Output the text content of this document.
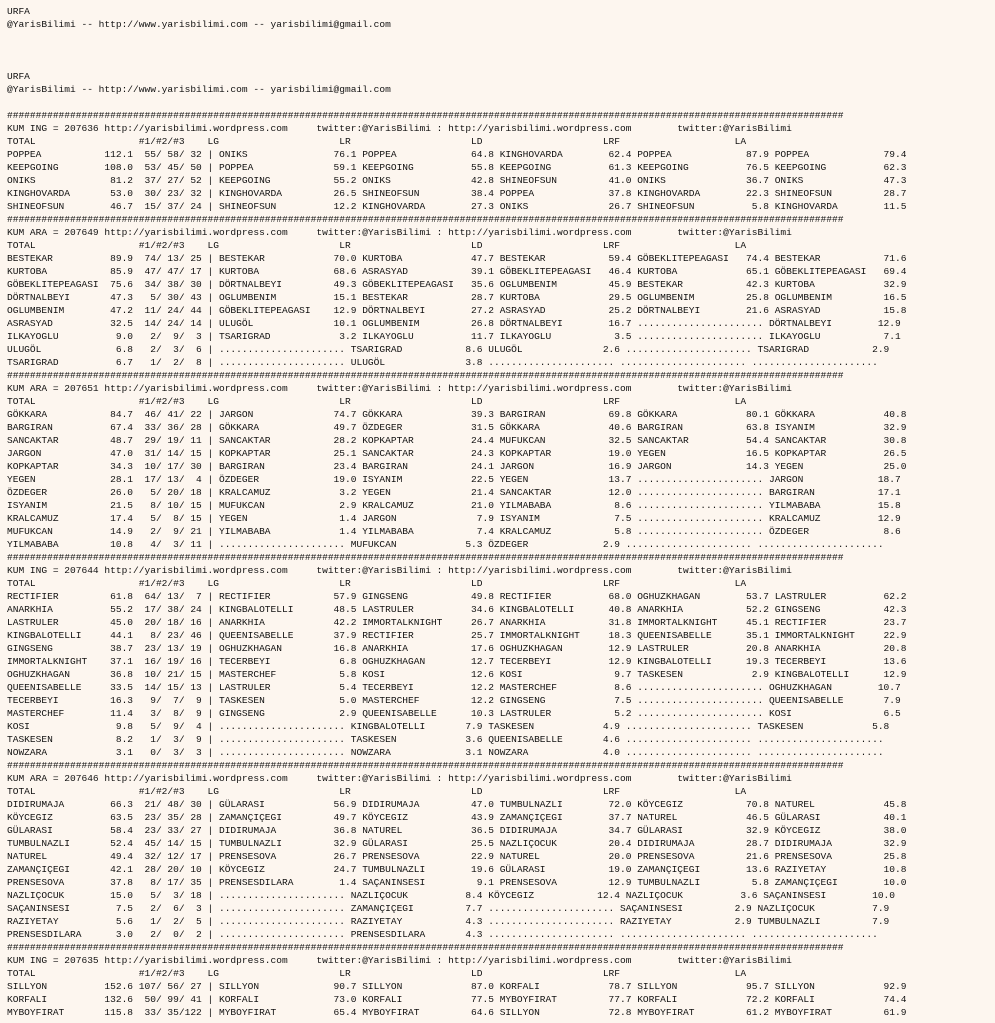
URFA
@YarisBilimi -- http://www.yarisbilimi.com -- yarisbilimi@gmail.com
URFA
@YarisBilimi -- http://www.yarisbilimi.com -- yarisbilimi@gmail.com
##################################################################################################################################################
KUM ING = 207636 http://yarisbilimi.wordpress.com     twitter:@YarisBilimi : http://yarisbilimi.wordpress.com        twitter:@YarisBilimi
TOTAL                  #1/#2/#3    LG                     LR                     LD                     LRF                    LA
POPPEA           112.1  55/ 58/ 32 | ONIKS               76.1 POPPEA             64.8 KINGHOVARDA        62.4 POPPEA             87.9 POPPEA             79.4
KEEPGOING        108.0  53/ 45/ 50 | POPPEA              59.1 KEEPGOING          55.8 KEEPGOING          61.3 KEEPGOING          76.5 KEEPGOING          62.3
ONIKS             81.2  37/ 27/ 52 | KEEPGOING           55.2 ONIKS              42.8 SHINEOFSUN         41.0 ONIKS              36.7 ONIKS              47.3
KINGHOVARDA       53.0  30/ 23/ 32 | KINGHOVARDA         26.5 SHINEOFSUN         38.4 POPPEA             37.8 KINGHOVARDA        22.3 SHINEOFSUN         28.7
SHINEOFSUN        46.7  15/ 37/ 24 | SHINEOFSUN          12.2 KINGHOVARDA        27.3 ONIKS              26.7 SHINEOFSUN          5.8 KINGHOVARDA        11.5
##################################################################################################################################################
KUM ARA = 207649 http://yarisbilimi.wordpress.com     twitter:@YarisBilimi : http://yarisbilimi.wordpress.com        twitter:@YarisBilimi
TOTAL                  #1/#2/#3    LG                     LR                     LD                     LRF                    LA
BESTEKAR          89.9  74/ 13/ 25 | BESTEKAR            70.0 KURTOBA            47.7 BESTEKAR           59.4 GÖBEKLITEPEAGASI   74.4 BESTEKAR           71.6
KURTOBA           85.9  47/ 47/ 17 | KURTOBA             68.6 ASRASYAD           39.1 GÖBEKLITEPEAGASI   46.4 KURTOBA            65.1 GÖBEKLITEPEAGASI   69.4
GÖBEKLITEPEAGASI  75.6  34/ 38/ 30 | DÖRTNALBEYI         49.3 GÖBEKLITEPEAGASI   35.6 OGLUMBENIM         45.9 BESTEKAR           42.3 KURTOBA            32.9
DÖRTNALBEYI       47.3   5/ 30/ 43 | OGLUMBENIM          15.1 BESTEKAR           28.7 KURTOBA            29.5 OGLUMBENIM         25.8 OGLUMBENIM         16.5
OGLUMBENIM        47.2  11/ 24/ 44 | GÖBEKLITEPEAGASI    12.9 DÖRTNALBEYI        27.2 ASRASYAD           25.2 DÖRTNALBEYI        21.6 ASRASYAD           15.8
ASRASYAD          32.5  14/ 24/ 14 | ULUGÖL              10.1 OGLUMBENIM         26.8 DÖRTNALBEYI        16.7 ...................... DÖRTNALBEYI        12.9
ILKAYOGLU          9.0   2/  9/  3 | TSARIGRAD            3.2 ILKAYOGLU          11.7 ILKAYOGLU           3.5 ...................... ILKAYOGLU           7.1
ULUGÖL             6.8   2/  3/  6 | ...................... TSARIGRAD           8.6 ULUGÖL              2.6 ...................... TSARIGRAD           2.9
TSARIGRAD          6.7   1/  2/  8 | ...................... ULUGÖL              3.8 ...................... ...................... ......................
##################################################################################################################################################
KUM ARA = 207651 http://yarisbilimi.wordpress.com     twitter:@YarisBilimi : http://yarisbilimi.wordpress.com        twitter:@YarisBilimi
TOTAL                  #1/#2/#3    LG                     LR                     LD                     LRF                    LA
GÖKKARA           84.7  46/ 41/ 22 | JARGON              74.7 GÖKKARA            39.3 BARGIRAN           69.8 GÖKKARA            80.1 GÖKKARA            40.8
BARGIRAN          67.4  33/ 36/ 28 | GÖKKARA             49.7 ÖZDEGER            31.5 GÖKKARA            40.6 BARGIRAN           63.8 ISYANIM            32.9
SANCAKTAR         48.7  29/ 19/ 11 | SANCAKTAR           28.2 KOPKAPTAR          24.4 MUFUKCAN           32.5 SANCAKTAR          54.4 SANCAKTAR          30.8
JARGON            47.0  31/ 14/ 15 | KOPKAPTAR           25.1 SANCAKTAR          24.3 KOPKAPTAR          19.0 YEGEN              16.5 KOPKAPTAR          26.5
KOPKAPTAR         34.3  10/ 17/ 30 | BARGIRAN            23.4 BARGIRAN           24.1 JARGON             16.9 JARGON             14.3 YEGEN              25.0
YEGEN             28.1  17/ 13/  4 | ÖZDEGER             19.0 ISYANIM            22.5 YEGEN              13.7 ...................... JARGON             18.7
ÖZDEGER           26.0   5/ 20/ 18 | KRALCAMUZ            3.2 YEGEN              21.4 SANCAKTAR          12.0 ...................... BARGIRAN           17.1
ISYANIM           21.5   8/ 10/ 15 | MUFUKCAN             2.9 KRALCAMUZ          21.0 YILMABABA           8.6 ...................... YILMABABA          15.8
KRALCAMUZ         17.4   5/  8/ 15 | YEGEN                1.4 JARGON              7.9 ISYANIM             7.5 ...................... KRALCAMUZ          12.9
MUFUKCAN          14.9   2/  9/ 21 | YILMABABA            1.4 YILMABABA           7.4 KRALCAMUZ           5.8 ...................... ÖZDEGER             8.6
YILMABABA         10.8   4/  3/ 11 | ...................... MUFUKCAN            5.3 ÖZDEGER             2.9 ...................... ......................
##################################################################################################################################################
KUM ING = 207644 http://yarisbilimi.wordpress.com     twitter:@YarisBilimi : http://yarisbilimi.wordpress.com        twitter:@YarisBilimi
TOTAL                  #1/#2/#3    LG                     LR                     LD                     LRF                    LA
RECTIFIER         61.8  64/ 13/  7 | RECTIFIER           57.9 GINGSENG           49.8 RECTIFIER          68.0 OGHUZKHAGAN        53.7 LASTRULER          62.2
ANARKHIA          55.2  17/ 38/ 24 | KINGBALOTELLI       48.5 LASTRULER          34.6 KINGBALOTELLI      40.8 ANARKHIA           52.2 GINGSENG           42.3
LASTRULER         45.0  20/ 18/ 16 | ANARKHIA            42.2 IMMORTALKNIGHT     26.7 ANARKHIA           31.8 IMMORTALKNIGHT     45.1 RECTIFIER          23.7
KINGBALOTELLI     44.1   8/ 23/ 46 | QUEENISABELLE       37.9 RECTIFIER          25.7 IMMORTALKNIGHT     18.3 QUEENISABELLE      35.1 IMMORTALKNIGHT     22.9
GINGSENG          38.7  23/ 13/ 19 | OGHUZKHAGAN         16.8 ANARKHIA           17.6 OGHUZKHAGAN        12.9 LASTRULER          20.8 ANARKHIA           20.8
IMMORTALKNIGHT    37.1  16/ 19/ 16 | TECERBEYI            6.8 OGHUZKHAGAN        12.7 TECERBEYI          12.9 KINGBALOTELLI      19.3 TECERBEYI          13.6
OGHUZKHAGAN       36.8  10/ 21/ 15 | MASTERCHEF           5.8 KOSI               12.6 KOSI                9.7 TASKESEN            2.9 KINGBALOTELLI      12.9
QUEENISABELLE     33.5  14/ 15/ 13 | LASTRULER            5.4 TECERBEYI          12.2 MASTERCHEF          8.6 ...................... OGHUZKHAGAN        10.7
TECERBEYI         16.3   9/  7/  9 | TASKESEN             5.0 MASTERCHEF         12.2 GINGSENG            7.5 ...................... QUEENISABELLE       7.9
MASTERCHEF        11.4   3/  8/  9 | GINGSENG             2.9 QUEENISABELLE      10.3 LASTRULER           5.2 ...................... KOSI                6.5
KOSI               9.8   5/  9/  4 | ...................... KINGBALOTELLI       7.9 TASKESEN            4.9 ...................... TASKESEN            5.8
TASKESEN           8.2   1/  3/  9 | ...................... TASKESEN            3.6 QUEENISABELLE       4.6 ...................... ......................
NOWZARA            3.1   0/  3/  3 | ...................... NOWZARA             3.1 NOWZARA             4.0 ...................... ......................
##################################################################################################################################################
KUM ARA = 207646 http://yarisbilimi.wordpress.com     twitter:@YarisBilimi : http://yarisbilimi.wordpress.com        twitter:@YarisBilimi
TOTAL                  #1/#2/#3    LG                     LR                     LD                     LRF                    LA
DIDIRUMAJA        66.3  21/ 48/ 30 | GÜLARASI            56.9 DIDIRUMAJA         47.0 TUMBULNAZLI        72.0 KÖYCEGIZ           70.8 NATUREL            45.8
KÖYCEGIZ          63.5  23/ 35/ 28 | ZAMANÇIÇEGI         49.7 KÖYCEGIZ           43.9 ZAMANÇIÇEGI        37.7 NATUREL            46.5 GÜLARASI           40.1
GÜLARASI          58.4  23/ 33/ 27 | DIDIRUMAJA          36.8 NATUREL            36.5 DIDIRUMAJA         34.7 GÜLARASI           32.9 KÖYCEGIZ           38.0
TUMBULNAZLI       52.4  45/ 14/ 15 | TUMBULNAZLI         32.9 GÜLARASI           25.5 NAZLIÇOCUK         20.4 DIDIRUMAJA         28.7 DIDIRUMAJA         32.9
NATUREL           49.4  32/ 12/ 17 | PRENSESOVA          26.7 PRENSESOVA         22.9 NATUREL            20.0 PRENSESOVA         21.6 PRENSESOVA         25.8
ZAMANÇIÇEGI       42.1  28/ 20/ 10 | KÖYCEGIZ            24.7 TUMBULNAZLI        19.6 GÜLARASI           19.0 ZAMANÇIÇEGI        13.6 RAZIYETAY          10.8
PRENSESOVA        37.8   8/ 17/ 35 | PRENSESDILARA        1.4 SAÇANINSESI         9.1 PRENSESOVA         12.9 TUMBULNAZLI         5.8 ZAMANÇIÇEGI        10.0
NAZLIÇOCUK        15.0   5/  3/ 18 | ...................... NAZLIÇOCUK          8.4 KÖYCEGIZ           12.4 NAZLIÇOCUK          3.6 SAÇANINSESI        10.0
SAÇANINSESI        7.5   2/  6/  3 | ...................... ZAMANÇIÇEGI         7.7 ...................... SAÇANINSESI         2.9 NAZLIÇOCUK          7.9
RAZIYETAY          5.6   1/  2/  5 | ...................... RAZIYETAY           4.3 ...................... RAZIYETAY           2.9 TUMBULNAZLI         7.9
PRENSESDILARA      3.0   2/  0/  2 | ...................... PRENSESDILARA       4.3 ...................... ...................... ......................
##################################################################################################################################################
KUM ING = 207635 http://yarisbilimi.wordpress.com     twitter:@YarisBilimi : http://yarisbilimi.wordpress.com        twitter:@YarisBilimi
TOTAL                  #1/#2/#3    LG                     LR                     LD                     LRF                    LA
SILLYON          152.6 107/ 56/ 27 | SILLYON             90.7 SILLYON            87.0 KORFALI            78.7 SILLYON            95.7 SILLYON            92.9
KORFALI          132.6  50/ 99/ 41 | KORFALI             73.0 KORFALI            77.5 MYBOYFIRAT         77.7 KORFALI            72.2 KORFALI            74.4
MYBOYFIRAT       115.8  33/ 35/122 | MYBOYFIRAT          65.4 MYBOYFIRAT         64.6 SILLYON            72.8 MYBOYFIRAT         61.2 MYBOYFIRAT         61.9
